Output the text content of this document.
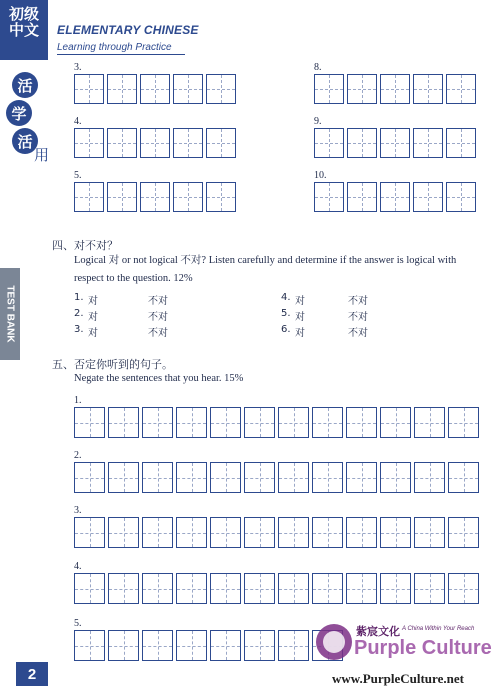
初级中文
活
学
活
用
ELEMENTARY CHINESE
Learning through Practice
TEST BANK
2
3.
4.
5.
8.
9.
10.
四、对不对？
Logical 对 or not logical 不对? Listen carefully and determine if the answer is logical with
respect to the question. 12%
1. 对	不对
2. 对	不对
3. 对	不对
4. 对	不对
5. 对	不对
6. 对	不对
五、否定你听到的句子。
Negate the sentences that you hear. 15%
1.
2.
3.
4.
5.
紫宸文化 A China Within Your Reach
Purple Culture
www.PurpleCulture.net
